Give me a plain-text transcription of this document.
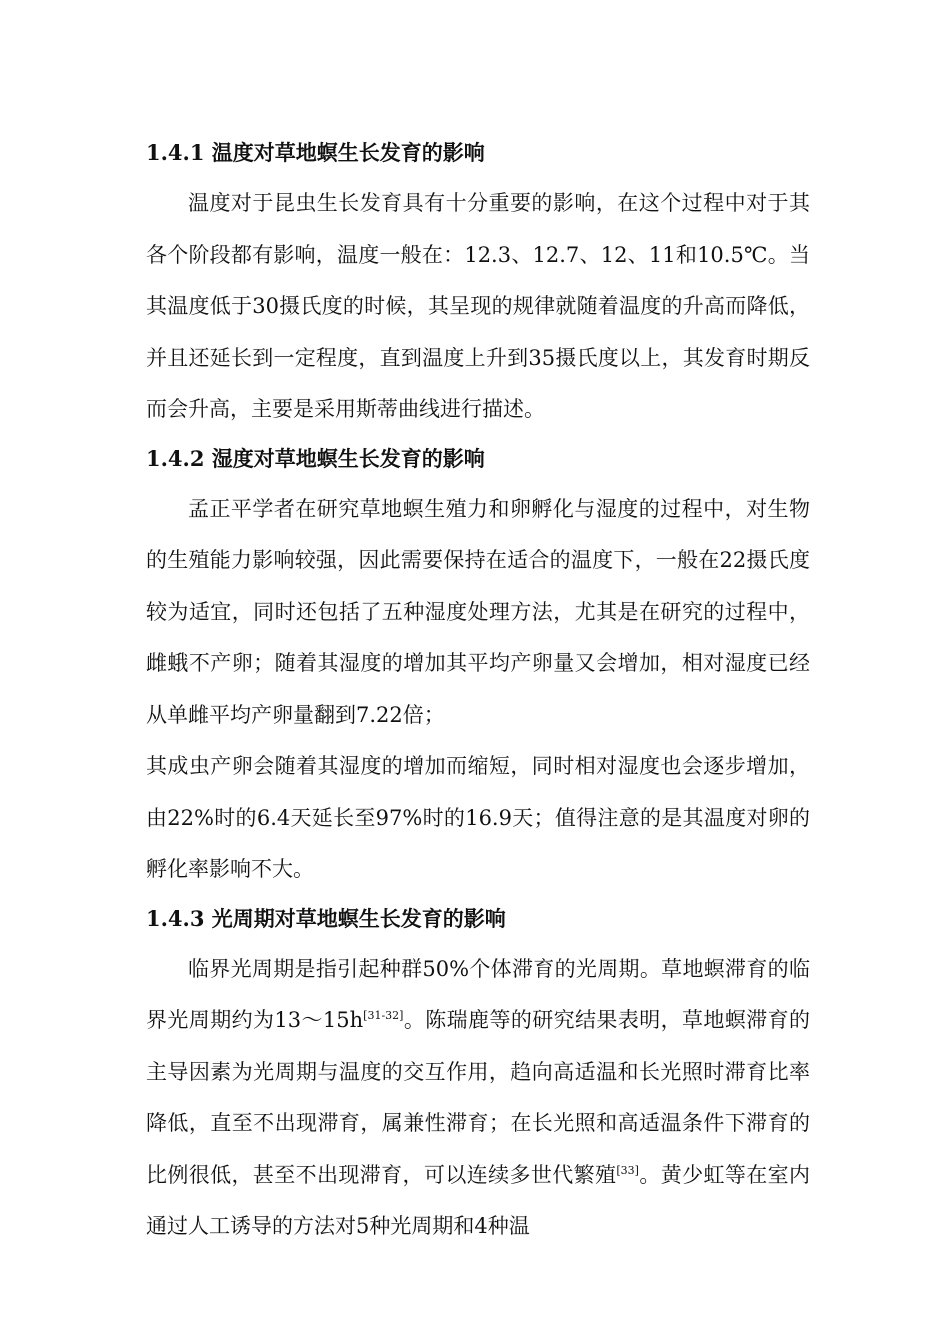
1.4.1 温度对草地螟生长发育的影响

温度对于昆虫生长发育具有十分重要的影响，在这个过程中对于其各个阶段都有影响，温度一般在：12.3、12.7、12、11和10.5℃。当其温度低于30摄氏度的时候，其呈现的规律就随着温度的升高而降低，并且还延长到一定程度，直到温度上升到35摄氏度以上，其发育时期反而会升高，主要是采用斯蒂曲线进行描述。

1.4.2 湿度对草地螟生长发育的影响

孟正平学者在研究草地螟生殖力和卵孵化与湿度的过程中，对生物的生殖能力影响较强，因此需要保持在适合的温度下，一般在22摄氏度较为适宜，同时还包括了五种湿度处理方法，尤其是在研究的过程中，雌蛾不产卵；随着其湿度的增加其平均产卵量又会增加，相对湿度已经从单雌平均产卵量翻到7.22倍；

其成虫产卵会随着其湿度的增加而缩短，同时相对湿度也会逐步增加，由22%时的6.4天延长至97%时的16.9天；值得注意的是其温度对卵的孵化率影响不大。

1.4.3 光周期对草地螟生长发育的影响

临界光周期是指引起种群50%个体滞育的光周期。草地螟滞育的临界光周期约为13～15h[31-32]。陈瑞鹿等的研究结果表明，草地螟滞育的主导因素为光周期与温度的交互作用，趋向高适温和长光照时滞育比率降低，直至不出现滞育，属兼性滞育；在长光照和高适温条件下滞育的比例很低，甚至不出现滞育，可以连续多世代繁殖[33]。黄少虹等在室内通过人工诱导的方法对5种光周期和4种温
